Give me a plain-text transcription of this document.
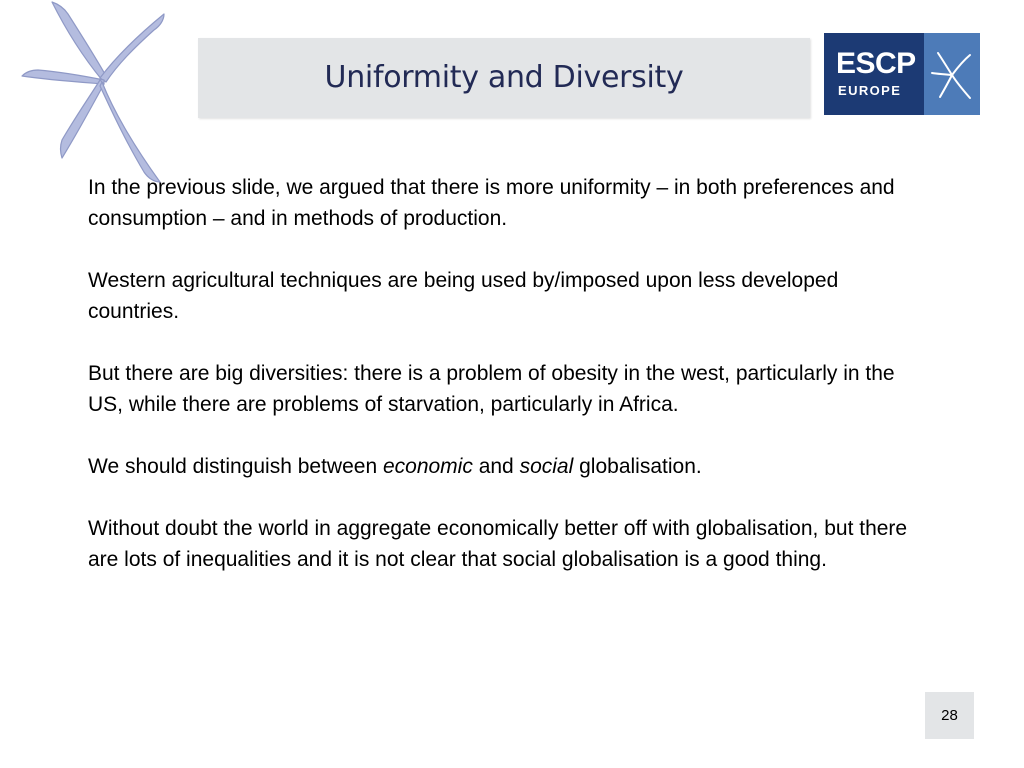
Uniformity and Diversity	ESCP
EUROPE

In the previous slide, we argued that there is more uniformity – in both preferences and consumption – and in methods of production.

Western agricultural techniques are being used by/imposed upon less developed countries.

But there are big diversities: there is a problem of obesity in the west, particularly in the US, while there are problems of starvation, particularly in Africa.

We should distinguish between economic and social globalisation.

Without doubt the world in aggregate economically better off with globalisation, but there are lots of inequalities and it is not clear that social globalisation is a good thing.

28
